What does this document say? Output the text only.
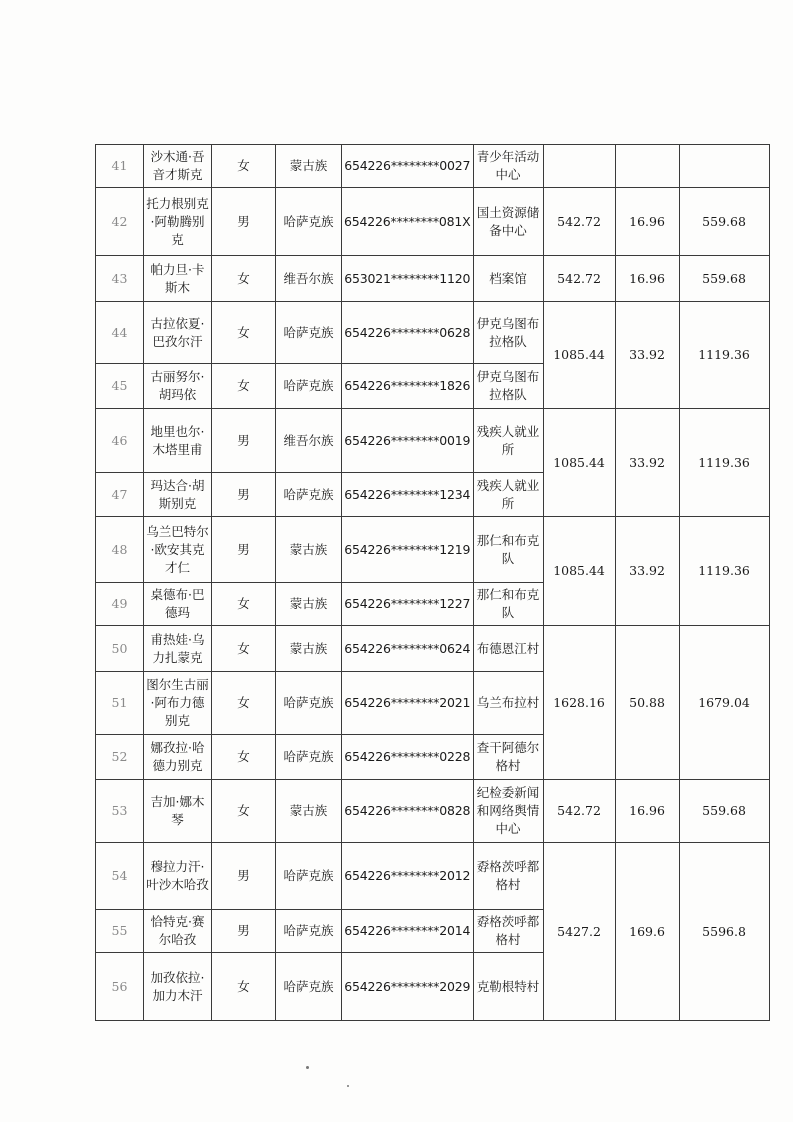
41	沙木通·吾音才斯克	女	蒙古族	654226********0027	青少年活动中心			
42	托力根别克·阿勒腾别克	男	哈萨克族	654226********081X	国土资源储备中心	542.72	16.96	559.68
43	帕力旦·卡斯木	女	维吾尔族	653021********1120	档案馆	542.72	16.96	559.68
44	古拉依夏·巴孜尔汗	女	哈萨克族	654226********0628	伊克乌图布拉格队	1085.44	33.92	1119.36
45	古丽努尔·胡玛依	女	哈萨克族	654226********1826	伊克乌图布拉格队			
46	地里也尔·木塔里甫	男	维吾尔族	654226********0019	残疾人就业所	1085.44	33.92	1119.36
47	玛达合·胡斯别克	男	哈萨克族	654226********1234	残疾人就业所			
48	乌兰巴特尔·欧安其克才仁	男	蒙古族	654226********1219	那仁和布克队	1085.44	33.92	1119.36
49	桌德布·巴德玛	女	蒙古族	654226********1227	那仁和布克队			
50	甫热娃·乌力扎蒙克	女	蒙古族	654226********0624	布德恩江村	1628.16	50.88	1679.04
51	图尔生古丽·阿布力德别克	女	哈萨克族	654226********2021	乌兰布拉村			
52	娜孜拉·哈德力别克	女	哈萨克族	654226********0228	查干阿德尔格村			
53	吉加·娜木琴	女	蒙古族	654226********0828	纪检委新闻和网络舆情中心	542.72	16.96	559.68
54	穆拉力汗·叶沙木哈孜	男	哈萨克族	654226********2012	孬格茨呼都格村	5427.2	169.6	5596.8
55	恰特克·赛尔哈孜	男	哈萨克族	654226********2014	孬格茨呼都格村			
56	加孜依拉·加力木汗	女	哈萨克族	654226********2029	克勒根特村			
